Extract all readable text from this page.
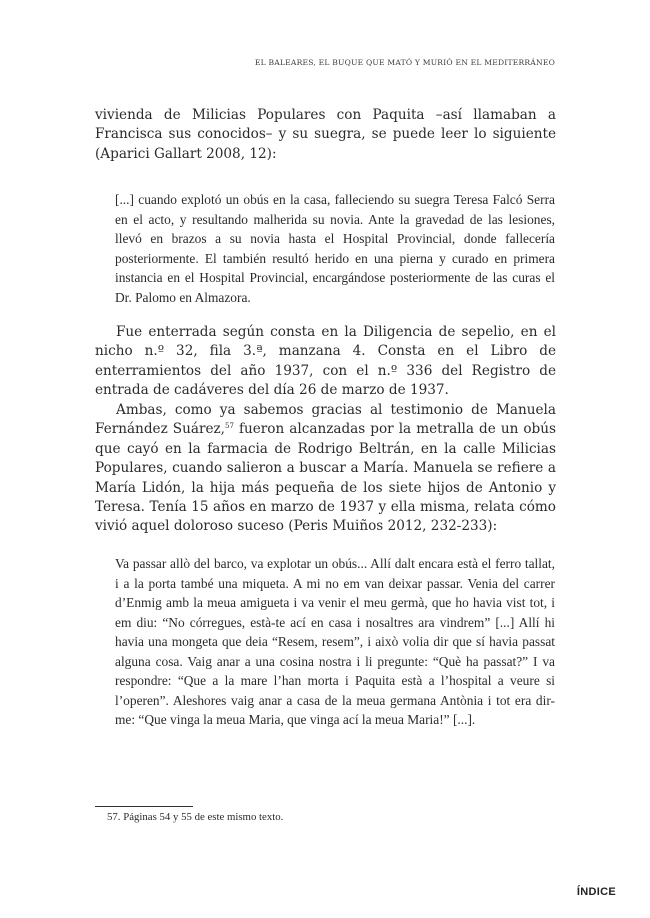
EL BALEARES, EL BUQUE QUE MATÓ Y MURIÓ EN EL MEDITERRÁNEO

vivienda de Milicias Populares con Paquita –así llamaban a Francisca sus conocidos– y su suegra, se puede leer lo siguiente (Aparici Gallart 2008, 12):

[...] cuando explotó un obús en la casa, falleciendo su suegra Teresa Falcó Serra en el acto, y resultando malherida su novia. Ante la gravedad de las lesiones, llevó en brazos a su novia hasta el Hospital Provincial, donde fallecería posteriormente. El también resultó herido en una pierna y curado en primera instancia en el Hospital Provincial, encargándose posteriormente de las curas el Dr. Palomo en Almazora.

Fue enterrada según consta en la Diligencia de sepelio, en el nicho n.º 32, fila 3.ª, manzana 4. Consta en el Libro de enterramientos del año 1937, con el n.º 336 del Registro de entrada de cadáveres del día 26 de marzo de 1937.

Ambas, como ya sabemos gracias al testimonio de Manuela Fernández Suárez,$^{57}$ fueron alcanzadas por la metralla de un obús que cayó en la farmacia de Rodrigo Beltrán, en la calle Milicias Populares, cuando salieron a buscar a María. Manuela se refiere a María Lidón, la hija más pequeña de los siete hijos de Antonio y Teresa. Tenía 15 años en marzo de 1937 y ella misma, relata cómo vivió aquel doloroso suceso (Peris Muiños 2012, 232-233):

Va passar allò del barco, va explotar un obús... Allí dalt encara està el ferro tallat, i a la porta també una miqueta. A mi no em van deixar passar. Venia del carrer d’Enmig amb la meua amigueta i va venir el meu germà, que ho havia vist tot, i em diu: “No córregues, està-te ací en casa i nosaltres ara vindrem” [...] Allí hi havia una mongeta que deia “Resem, resem”, i això volia dir que sí havia passat alguna cosa. Vaig anar a una cosina nostra i li pregunte: “Què ha passat?” I va respondre: “Que a la mare l’han morta i Paquita està a l’hospital a veure si l’operen”. Aleshores vaig anar a casa de la meua germana Antònia i tot era dir-me: “Que vinga la meua Maria, que vinga ací la meua Maria!” [...].

57. Páginas 54 y 55 de este mismo texto.
ÍNDICE
